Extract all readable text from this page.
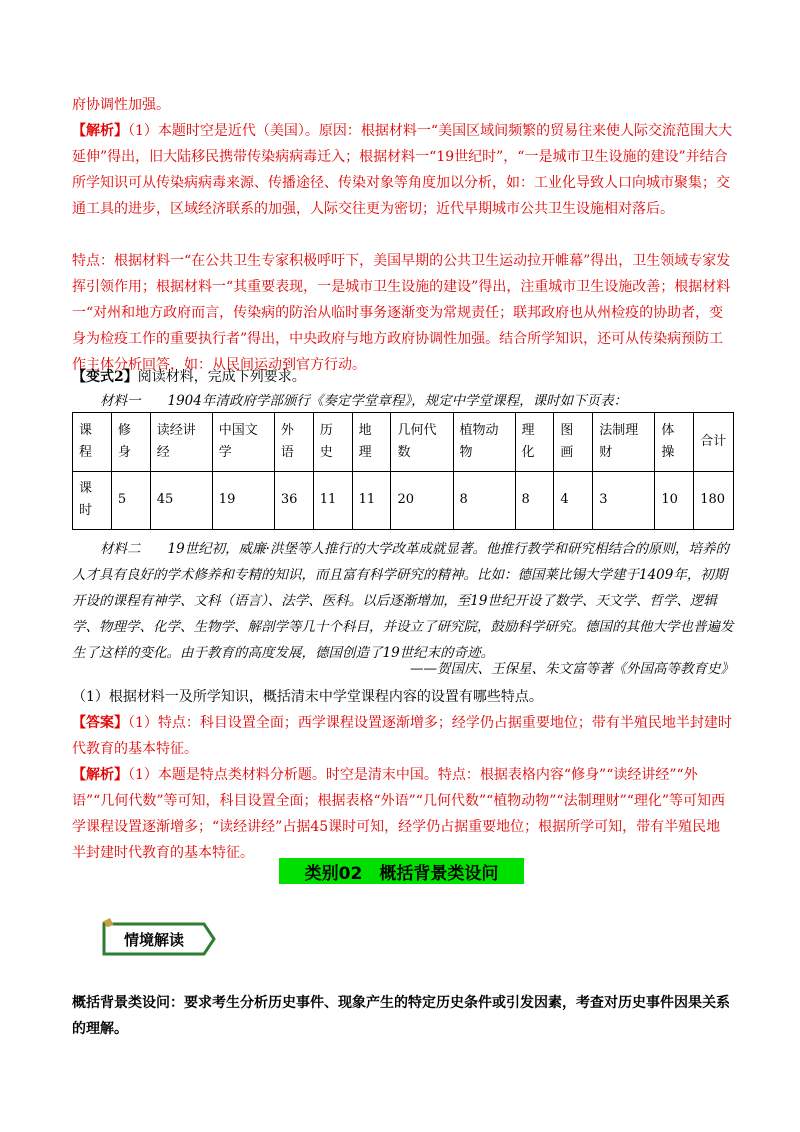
府协调性加强。

【解析】（1）本题时空是近代（美国）。原因：根据材料一“美国区域间频繁的贸易往来使人际交流范围大大延伸”得出，旧大陆移民携带传染病病毒迁入；根据材料一“19世纪时”，“一是城市卫生设施的建设”并结合所学知识可从传染病病毒来源、传播途径、传染对象等角度加以分析，如：工业化导致人口向城市聚集；交通工具的进步，区域经济联系的加强，人际交往更为密切；近代早期城市公共卫生设施相对落后。

特点：根据材料一“在公共卫生专家积极呼吁下，美国早期的公共卫生运动拉开帷幕”得出，卫生领域专家发挥引领作用；根据材料一“其重要表现，一是城市卫生设施的建设”得出，注重城市卫生设施改善；根据材料一“对州和地方政府而言，传染病的防治从临时事务逐渐变为常规责任；联邦政府也从州检疫的协助者，变身为检疫工作的重要执行者”得出，中央政府与地方政府协调性加强。结合所学知识，还可从传染病预防工作主体分析回答，如：从民间运动到官方行动。

【变式2】阅读材料，完成下列要求。

材料一　　1904年清政府学部颁行《奏定学堂章程》，规定中学堂课程，课时如下页表：

课程	修身	读经讲经	中国文学	外语	历史	地理	几何代数	植物动物	理化	图画	法制理财	体操	合计
课时	5	45	19	36	11	11	20	8	8	4	3	10	180

材料二　　19世纪初，威廉·洪堡等人推行的大学改革成就显著。他推行教学和研究相结合的原则，培养的人才具有良好的学术修养和专精的知识，而且富有科学研究的精神。比如：德国莱比锡大学建于1409年，初期开设的课程有神学、文科（语言）、法学、医科。以后逐渐增加，至19世纪开设了数学、天文学、哲学、逻辑学、物理学、化学、生物学、解剖学等几十个科目，并设立了研究院，鼓励科学研究。德国的其他大学也普遍发生了这样的变化。由于教育的高度发展，德国创造了19世纪末的奇迹。

——贺国庆、王保星、朱文富等著《外国高等教育史》

（1）根据材料一及所学知识，概括清末中学堂课程内容的设置有哪些特点。

【答案】（1）特点：科目设置全面；西学课程设置逐渐增多；经学仍占据重要地位；带有半殖民地半封建时代教育的基本特征。

【解析】（1）本题是特点类材料分析题。时空是清末中国。特点：根据表格内容“修身”“读经讲经”“外语”“几何代数”等可知，科目设置全面；根据表格“外语”“几何代数”“植物动物”“法制理财”“理化”等可知西学课程设置逐渐增多；“读经讲经”占据45课时可知，经学仍占据重要地位；根据所学可知，带有半殖民地半封建时代教育的基本特征。

类别02　概括背景类设问
情境解读

概括背景类设问：要求考生分析历史事件、现象产生的特定历史条件或引发因素，考查对历史事件因果关系的理解。
